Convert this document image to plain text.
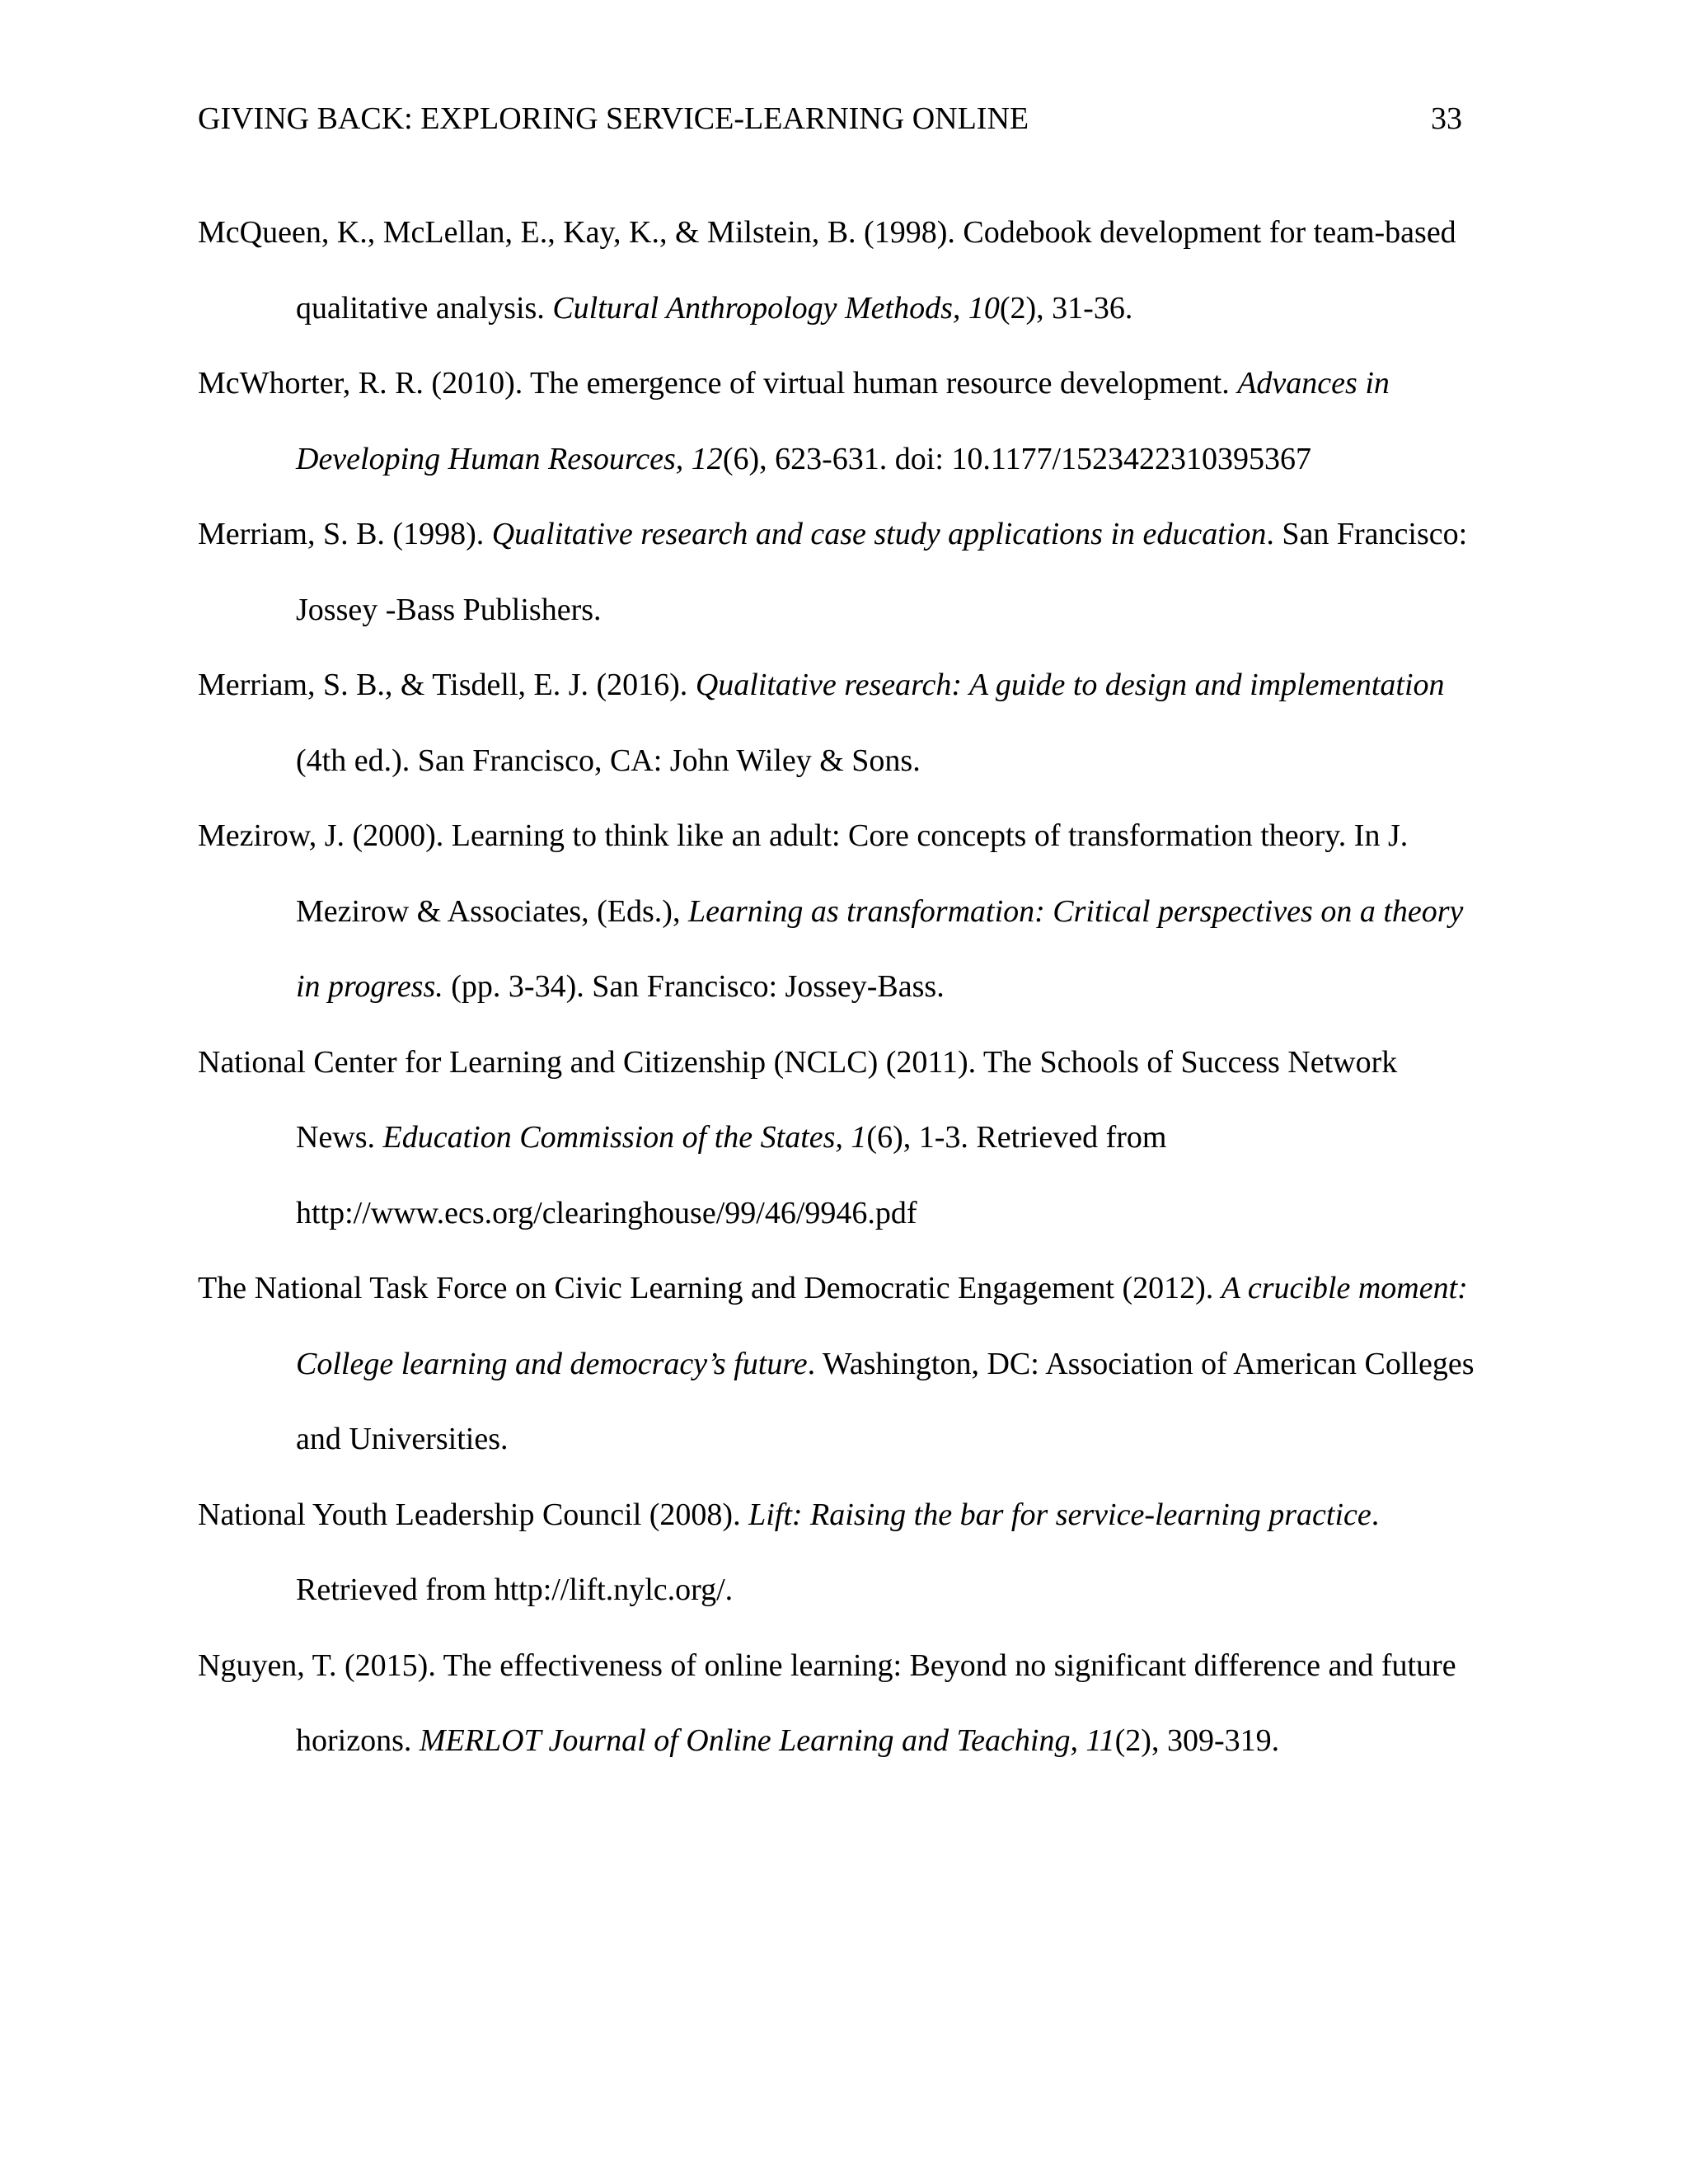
GIVING BACK: EXPLORING SERVICE-LEARNING ONLINE	33
McQueen, K., McLellan, E., Kay, K., & Milstein, B. (1998). Codebook development for team-based qualitative analysis. Cultural Anthropology Methods, 10(2), 31-36.
McWhorter, R. R. (2010). The emergence of virtual human resource development. Advances in Developing Human Resources, 12(6), 623-631. doi: 10.1177/1523422310395367
Merriam, S. B. (1998). Qualitative research and case study applications in education. San Francisco: Jossey -Bass Publishers.
Merriam, S. B., & Tisdell, E. J. (2016). Qualitative research: A guide to design and implementation (4th ed.). San Francisco, CA: John Wiley & Sons.
Mezirow, J. (2000). Learning to think like an adult: Core concepts of transformation theory. In J. Mezirow & Associates, (Eds.), Learning as transformation: Critical perspectives on a theory in progress. (pp. 3-34). San Francisco: Jossey-Bass.
National Center for Learning and Citizenship (NCLC) (2011). The Schools of Success Network News. Education Commission of the States, 1(6), 1-3. Retrieved from http://www.ecs.org/clearinghouse/99/46/9946.pdf
The National Task Force on Civic Learning and Democratic Engagement (2012). A crucible moment: College learning and democracy’s future. Washington, DC: Association of American Colleges and Universities.
National Youth Leadership Council (2008). Lift: Raising the bar for service-learning practice. Retrieved from http://lift.nylc.org/.
Nguyen, T. (2015). The effectiveness of online learning: Beyond no significant difference and future horizons. MERLOT Journal of Online Learning and Teaching, 11(2), 309-319.
